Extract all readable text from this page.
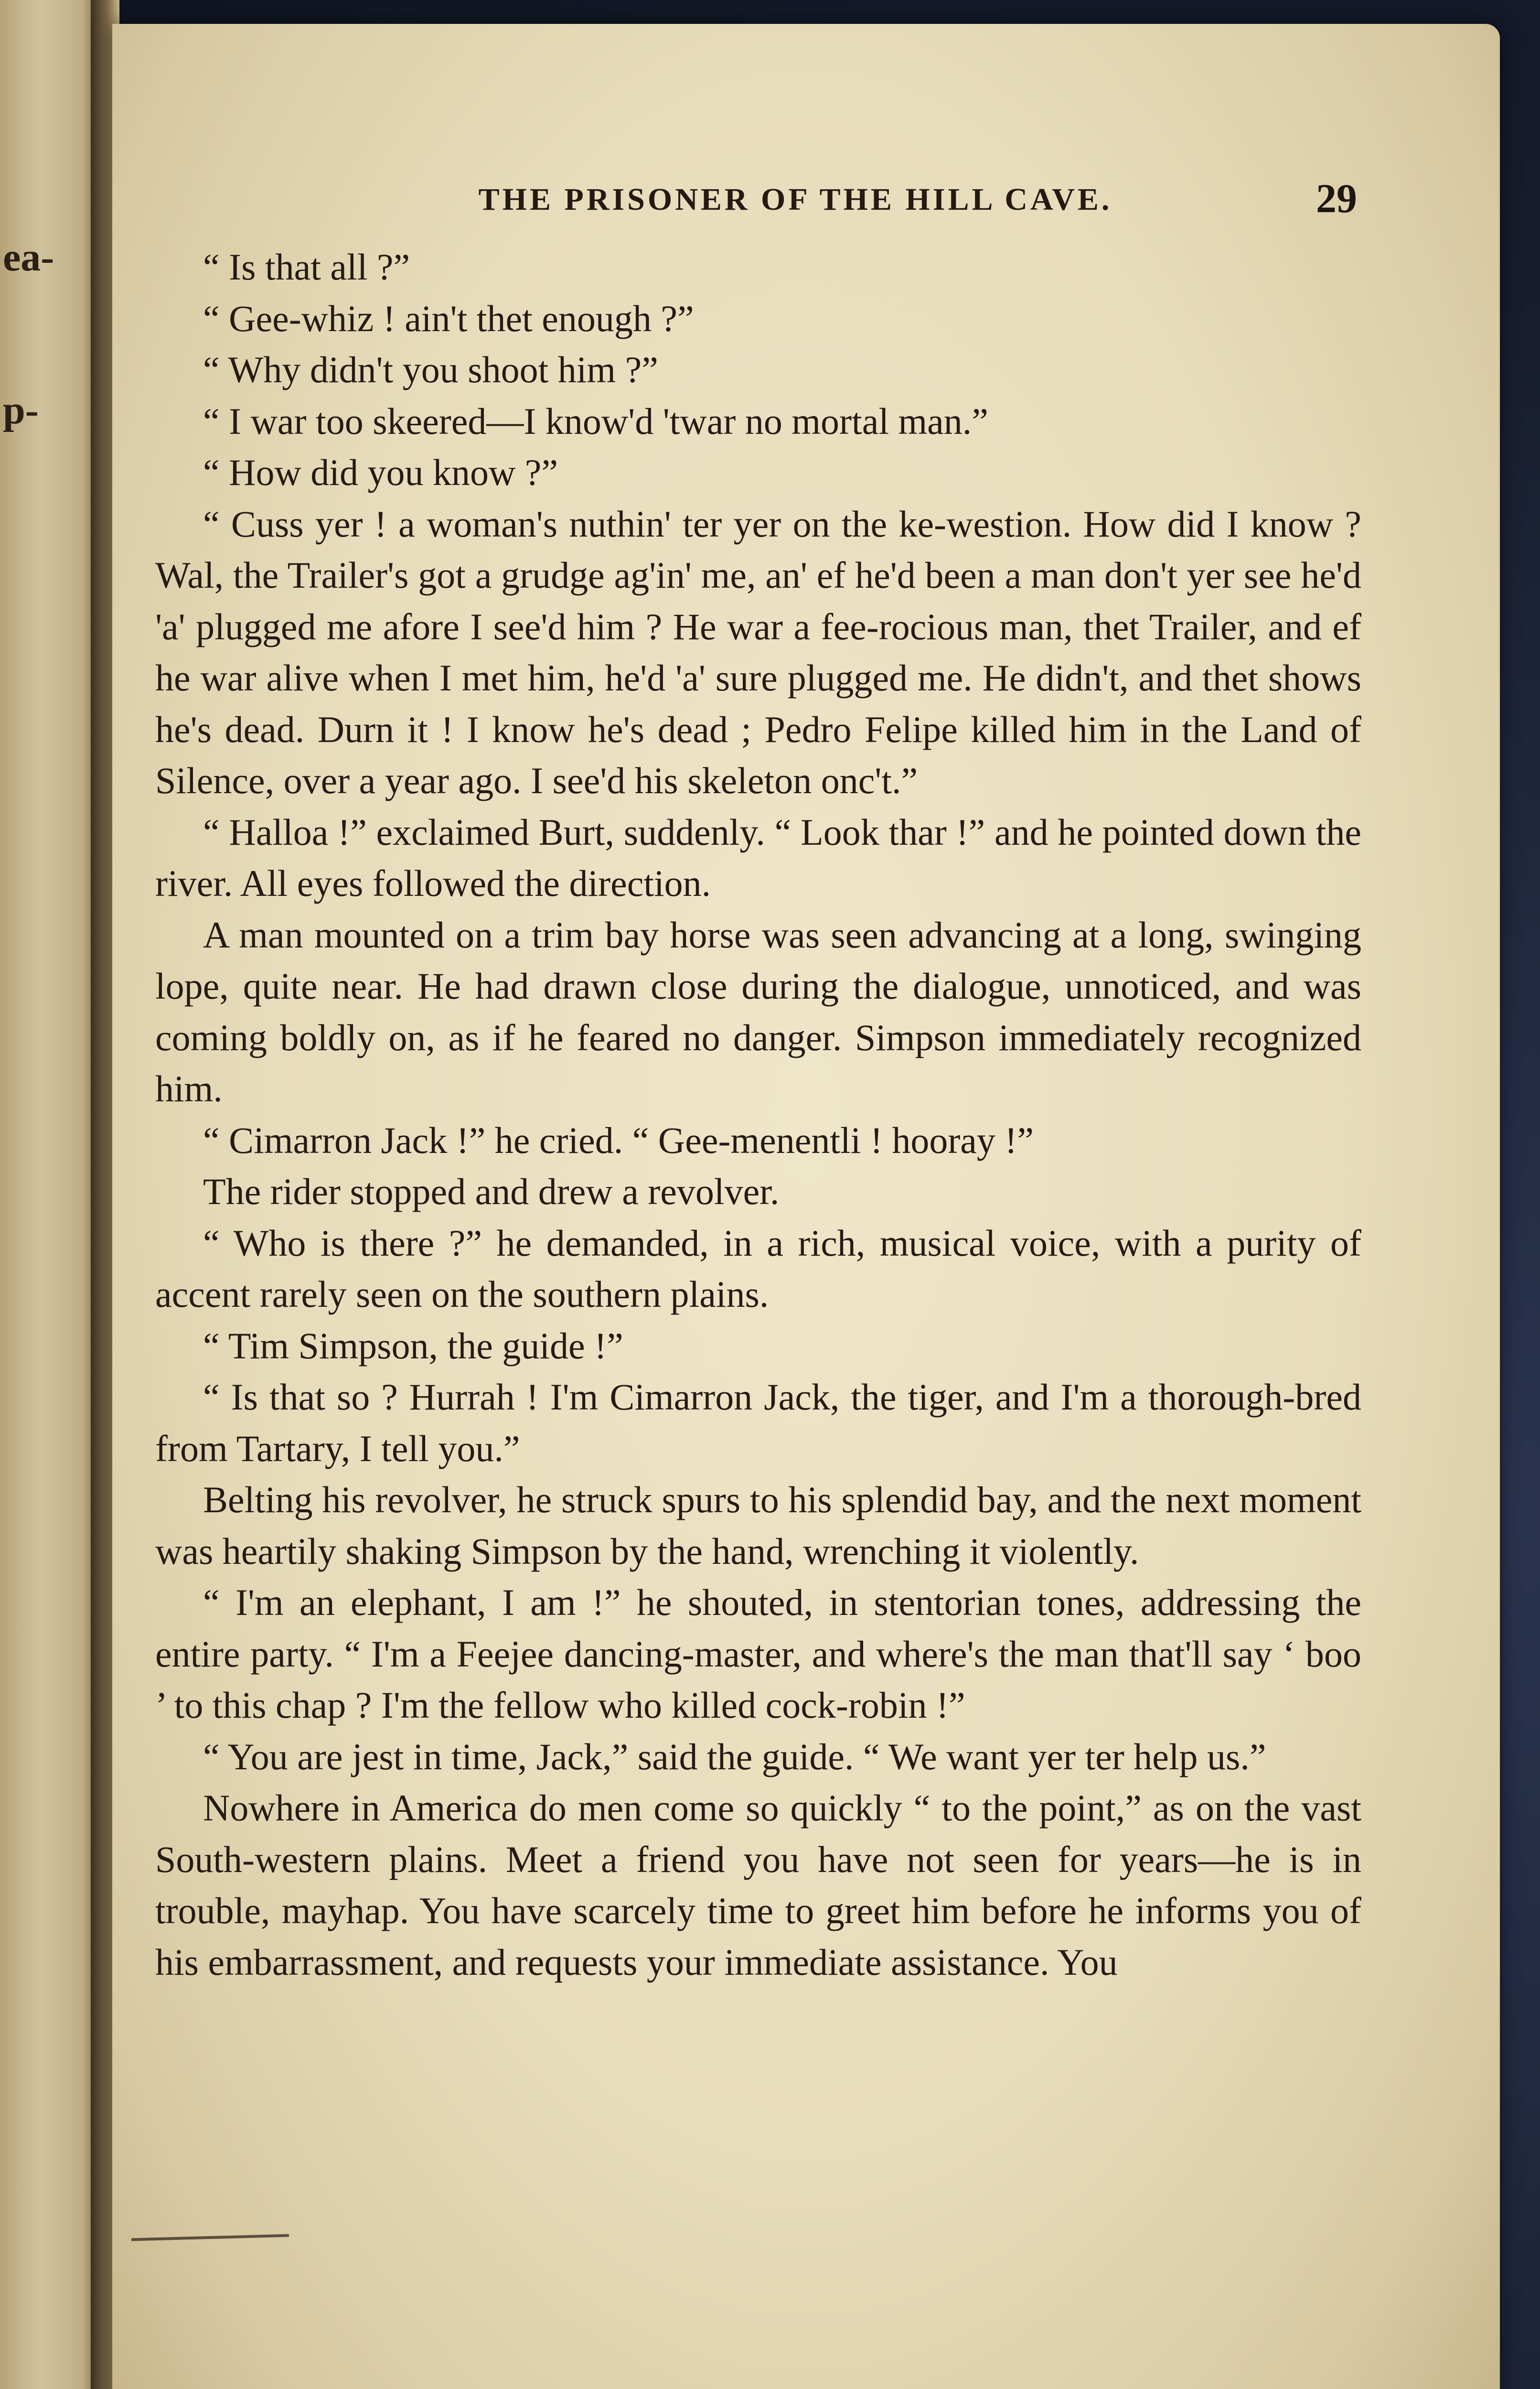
ea-
p-
THE PRISONER OF THE HILL CAVE.	29

“ Is that all ?”

“ Gee-whiz ! ain't thet enough ?”

“ Why didn't you shoot him ?”

“ I war too skeered—I know'd 'twar no mortal man.”

“ How did you know ?”

“ Cuss yer ! a woman's nuthin' ter yer on the ke-westion. How did I know ? Wal, the Trailer's got a grudge ag'in' me, an' ef he'd been a man don't yer see he'd 'a' plugged me afore I see'd him ? He war a fee-rocious man, thet Trailer, and ef he war alive when I met him, he'd 'a' sure plugged me. He didn't, and thet shows he's dead. Durn it ! I know he's dead ; Pedro Felipe killed him in the Land of Silence, over a year ago. I see'd his skeleton onc't.”

“ Halloa !” exclaimed Burt, suddenly. “ Look thar !” and he pointed down the river. All eyes followed the direction.

A man mounted on a trim bay horse was seen advancing at a long, swinging lope, quite near. He had drawn close during the dialogue, unnoticed, and was coming boldly on, as if he feared no danger. Simpson immediately recognized him.

“ Cimarron Jack !” he cried. “ Gee-menentli ! hooray !”

The rider stopped and drew a revolver.

“ Who is there ?” he demanded, in a rich, musical voice, with a purity of accent rarely seen on the southern plains.

“ Tim Simpson, the guide !”

“ Is that so ? Hurrah ! I'm Cimarron Jack, the tiger, and I'm a thorough-bred from Tartary, I tell you.”

Belting his revolver, he struck spurs to his splendid bay, and the next moment was heartily shaking Simpson by the hand, wrenching it violently.

“ I'm an elephant, I am !” he shouted, in stentorian tones, addressing the entire party. “ I'm a Feejee dancing-master, and where's the man that'll say ‘ boo ’ to this chap ? I'm the fellow who killed cock-robin !”

“ You are jest in time, Jack,” said the guide. “ We want yer ter help us.”

Nowhere in America do men come so quickly “ to the point,” as on the vast South-western plains. Meet a friend you have not seen for years—he is in trouble, mayhap. You have scarcely time to greet him before he informs you of his embarrassment, and requests your immediate assistance. You
